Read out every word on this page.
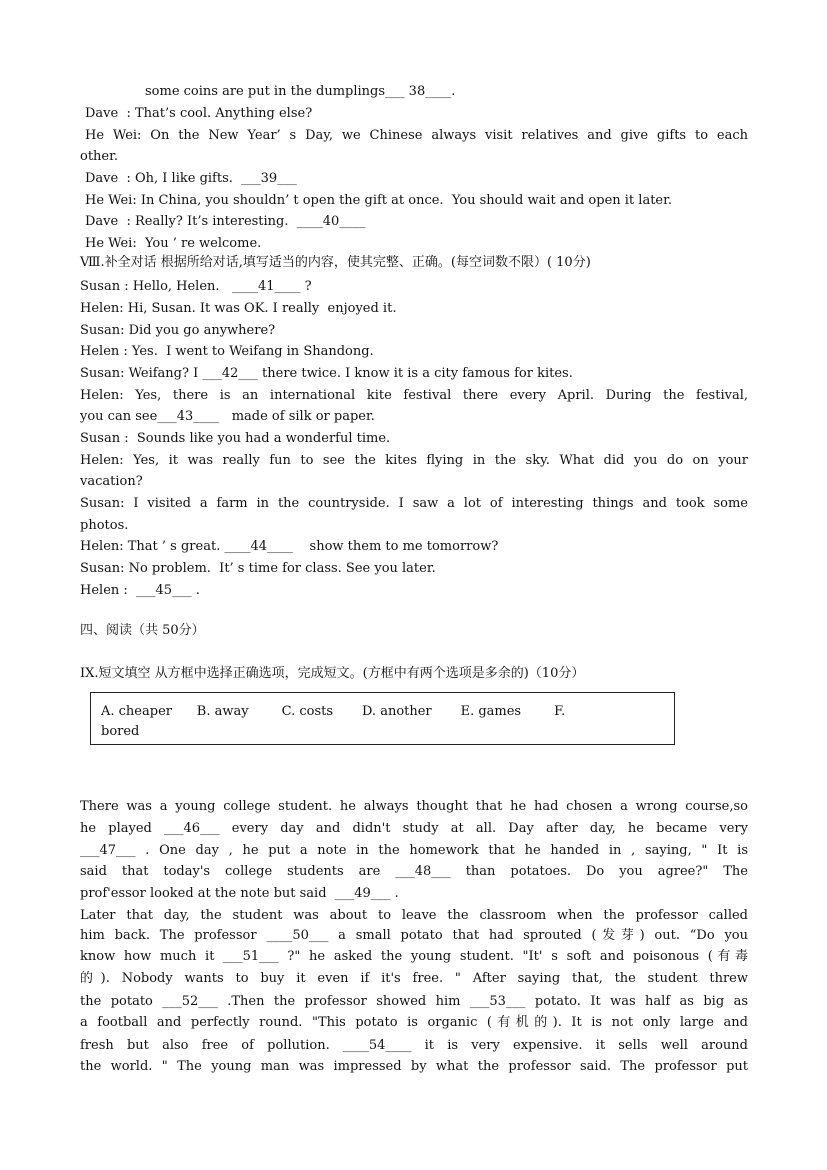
some coins are put in the dumplings___ 38____.
Dave  : That’s cool. Anything else?
He Wei: On the New Year’ s Day, we Chinese always visit relatives and give gifts to each
other.
Dave  : Oh, I like gifts.  ___39___
He Wei: In China, you shouldn’ t open the gift at once.  You should wait and open it later.
Dave  : Really? It’s interesting.  ____40____
He Wei:  You ’ re welcome.
Ⅷ.补全对话 根据所给对话,填写适当的内容，使其完整、正确。(每空词数不限）( 10分)
Susan : Hello, Helen.   ____41____ ?
Helen: Hi, Susan. It was OK. I really  enjoyed it.
Susan: Did you go anywhere?
Helen : Yes.  I went to Weifang in Shandong.
Susan: Weifang? I ___42___ there twice. I know it is a city famous for kites.
Helen: Yes, there is an international kite festival there every April. During the festival,
you can see___43____   made of silk or paper.
Susan :  Sounds like you had a wonderful time.
Helen: Yes, it was really fun to see the kites flying in the sky. What did you do on your
vacation?
Susan: I visited a farm in the countryside. I saw a lot of interesting things and took some
photos.
Helen: That ’ s great. ____44____    show them to me tomorrow?
Susan: No problem.  It’ s time for class. See you later.
Helen :  ___45___ .
四、阅读（共 50分）
IX.短文填空 从方框中选择正确选项，完成短文。(方框中有两个选项是多余的)（10分）
A. cheaper      B. away        C. costs       D. another       E. games        F.
bored
There was a young college student. he always thought that he had chosen a wrong course,so
he played ___46___ every day and didn't study at all. Day after day, he became very
___47___ . One day , he put a note in the homework that he handed in , saying, " It is
said that today's college students are ___48___ than potatoes. Do you agree?" The
prof'essor looked at the note but said  ___49___ .
Later that day, the student was about to leave the classroom when the professor called
him back. The professor ____50___ a small potato that had sprouted (发芽) out. “Do you
know how much it ___51___ ?" he asked the young student. "It' s soft and poisonous (有毒
的). Nobody wants to buy it even if it's free. " After saying that, the student threw
the potato ___52___ .Then the professor showed him ___53___ potato. It was half as big as
a football and perfectly round. "This potato is organic (有机的). It is not only large and
fresh but also free of pollution. ____54____ it is very expensive. it sells well around
the world. " The young man was impressed by what the professor said. The professor put
